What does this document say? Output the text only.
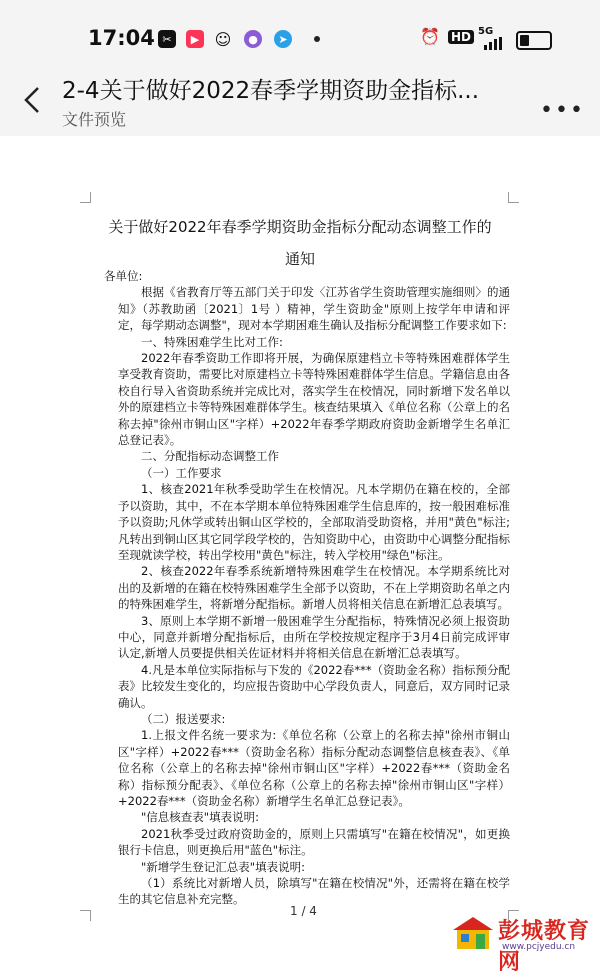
17:04 ✂	▶ ☺	●	➤	⏰ HD 5G
2-4关于做好2022春季学期资助金指标...
文件预览	•••
关于做好2022年春季学期资助金指标分配动态调整工作的
通知

各单位:

根据《省教育厅等五部门关于印发〈江苏省学生资助管理实施细则〉的通知》（苏教助函〔2021〕1号 ）精神，学生资助金"原则上按学年申请和评定，每学期动态调整"，现对本学期困难生确认及指标分配调整工作要求如下:

一、特殊困难学生比对工作:

2022年春季资助工作即将开展，为确保原建档立卡等特殊困难群体学生享受教育资助，需要比对原建档立卡等特殊困难群体学生信息。学籍信息由各校自行导入省资助系统并完成比对，落实学生在校情况，同时新增下发名单以外的原建档立卡等特殊困难群体学生。核查结果填入《单位名称（公章上的名称去掉"徐州市铜山区"字样）+2022年春季学期政府资助金新增学生名单汇总登记表》。

二、分配指标动态调整工作

（一）工作要求

1、核查2021年秋季受助学生在校情况。凡本学期仍在籍在校的，全部予以资助，其中，不在本学期本单位特殊困难学生信息库的，按一般困难标准予以资助;凡休学或转出铜山区学校的，全部取消受助资格，并用"黄色"标注;凡转出到铜山区其它同学段学校的，告知资助中心，由资助中心调整分配指标至现就读学校，转出学校用"黄色"标注，转入学校用"绿色"标注。

2、核查2022年春季系统新增特殊困难学生在校情况。本学期系统比对出的及新增的在籍在校特殊困难学生全部予以资助，不在上学期资助名单之内的特殊困难学生，将新增分配指标。新增人员将相关信息在新增汇总表填写。

3、原则上本学期不新增一般困难学生分配指标，特殊情况必须上报资助中心，同意并新增分配指标后，由所在学校按规定程序于3月4日前完成评审认定,新增人员要提供相关佐证材料并将相关信息在新增汇总表填写。

4.凡是本单位实际指标与下发的《2022春***（资助金名称）指标预分配表》比较发生变化的，均应报告资助中心学段负责人，同意后，双方同时记录确认。

（二）报送要求:

1.上报文件名统一要求为:《单位名称（公章上的名称去掉"徐州市铜山区"字样）+2022春***（资助金名称）指标分配动态调整信息核查表》、《单位名称（公章上的名称去掉"徐州市铜山区"字样）+2022春***（资助金名称）指标预分配表》、《单位名称（公章上的名称去掉"徐州市铜山区"字样）+2022春***（资助金名称）新增学生名单汇总登记表》。

"信息核查表"填表说明:

2021秋季受过政府资助金的，原则上只需填写"在籍在校情况"，如更换银行卡信息，则更换后用"蓝色"标注。

"新增学生登记汇总表"填表说明:

（1）系统比对新增人员，除填写"在籍在校情况"外，还需将在籍在校学生的其它信息补充完整。

1 / 4
彭城教育网
www.pcjyedu.cn
